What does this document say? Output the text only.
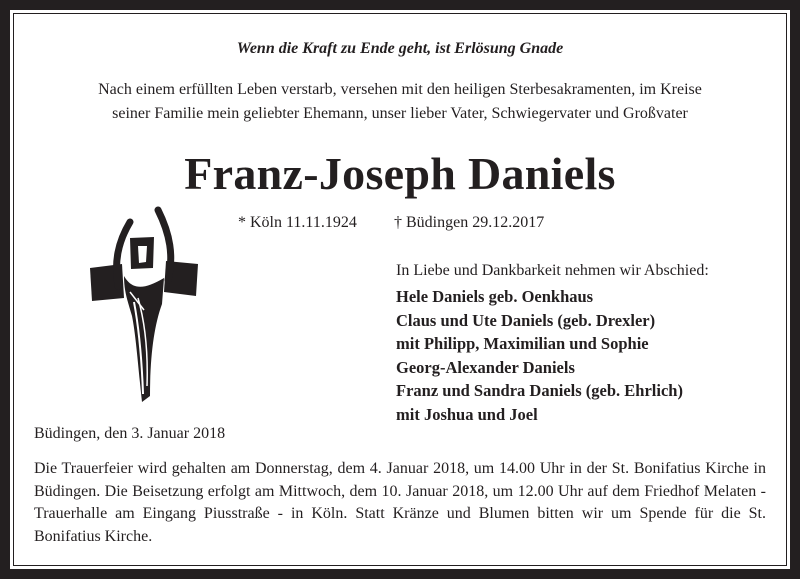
Wenn die Kraft zu Ende geht, ist Erlösung Gnade
Nach einem erfüllten Leben verstarb, versehen mit den heiligen Sterbesakramenten, im Kreise
seiner Familie mein geliebter Ehemann, unser lieber Vater, Schwiegervater und Großvater
Franz-Joseph Daniels
* Köln 11.11.1924 † Büdingen 29.12.2017
In Liebe und Dankbarkeit nehmen wir Abschied:
Hele Daniels geb. Oenkhaus
Claus und Ute Daniels (geb. Drexler)
mit Philipp, Maximilian und Sophie
Georg-Alexander Daniels
Franz und Sandra Daniels (geb. Ehrlich)
mit Joshua und Joel
Büdingen, den 3. Januar 2018

Die Trauerfeier wird gehalten am Donnerstag, dem 4. Januar 2018, um 14.00 Uhr in der St. Bonifatius Kirche in Büdingen. Die Beisetzung erfolgt am Mittwoch, dem 10. Januar 2018, um 12.00 Uhr auf dem Friedhof Melaten - Trauerhalle am Eingang Piusstraße - in Köln. Statt Kränze und Blumen bitten wir um Spende für die St. Bonifatius Kirche.
